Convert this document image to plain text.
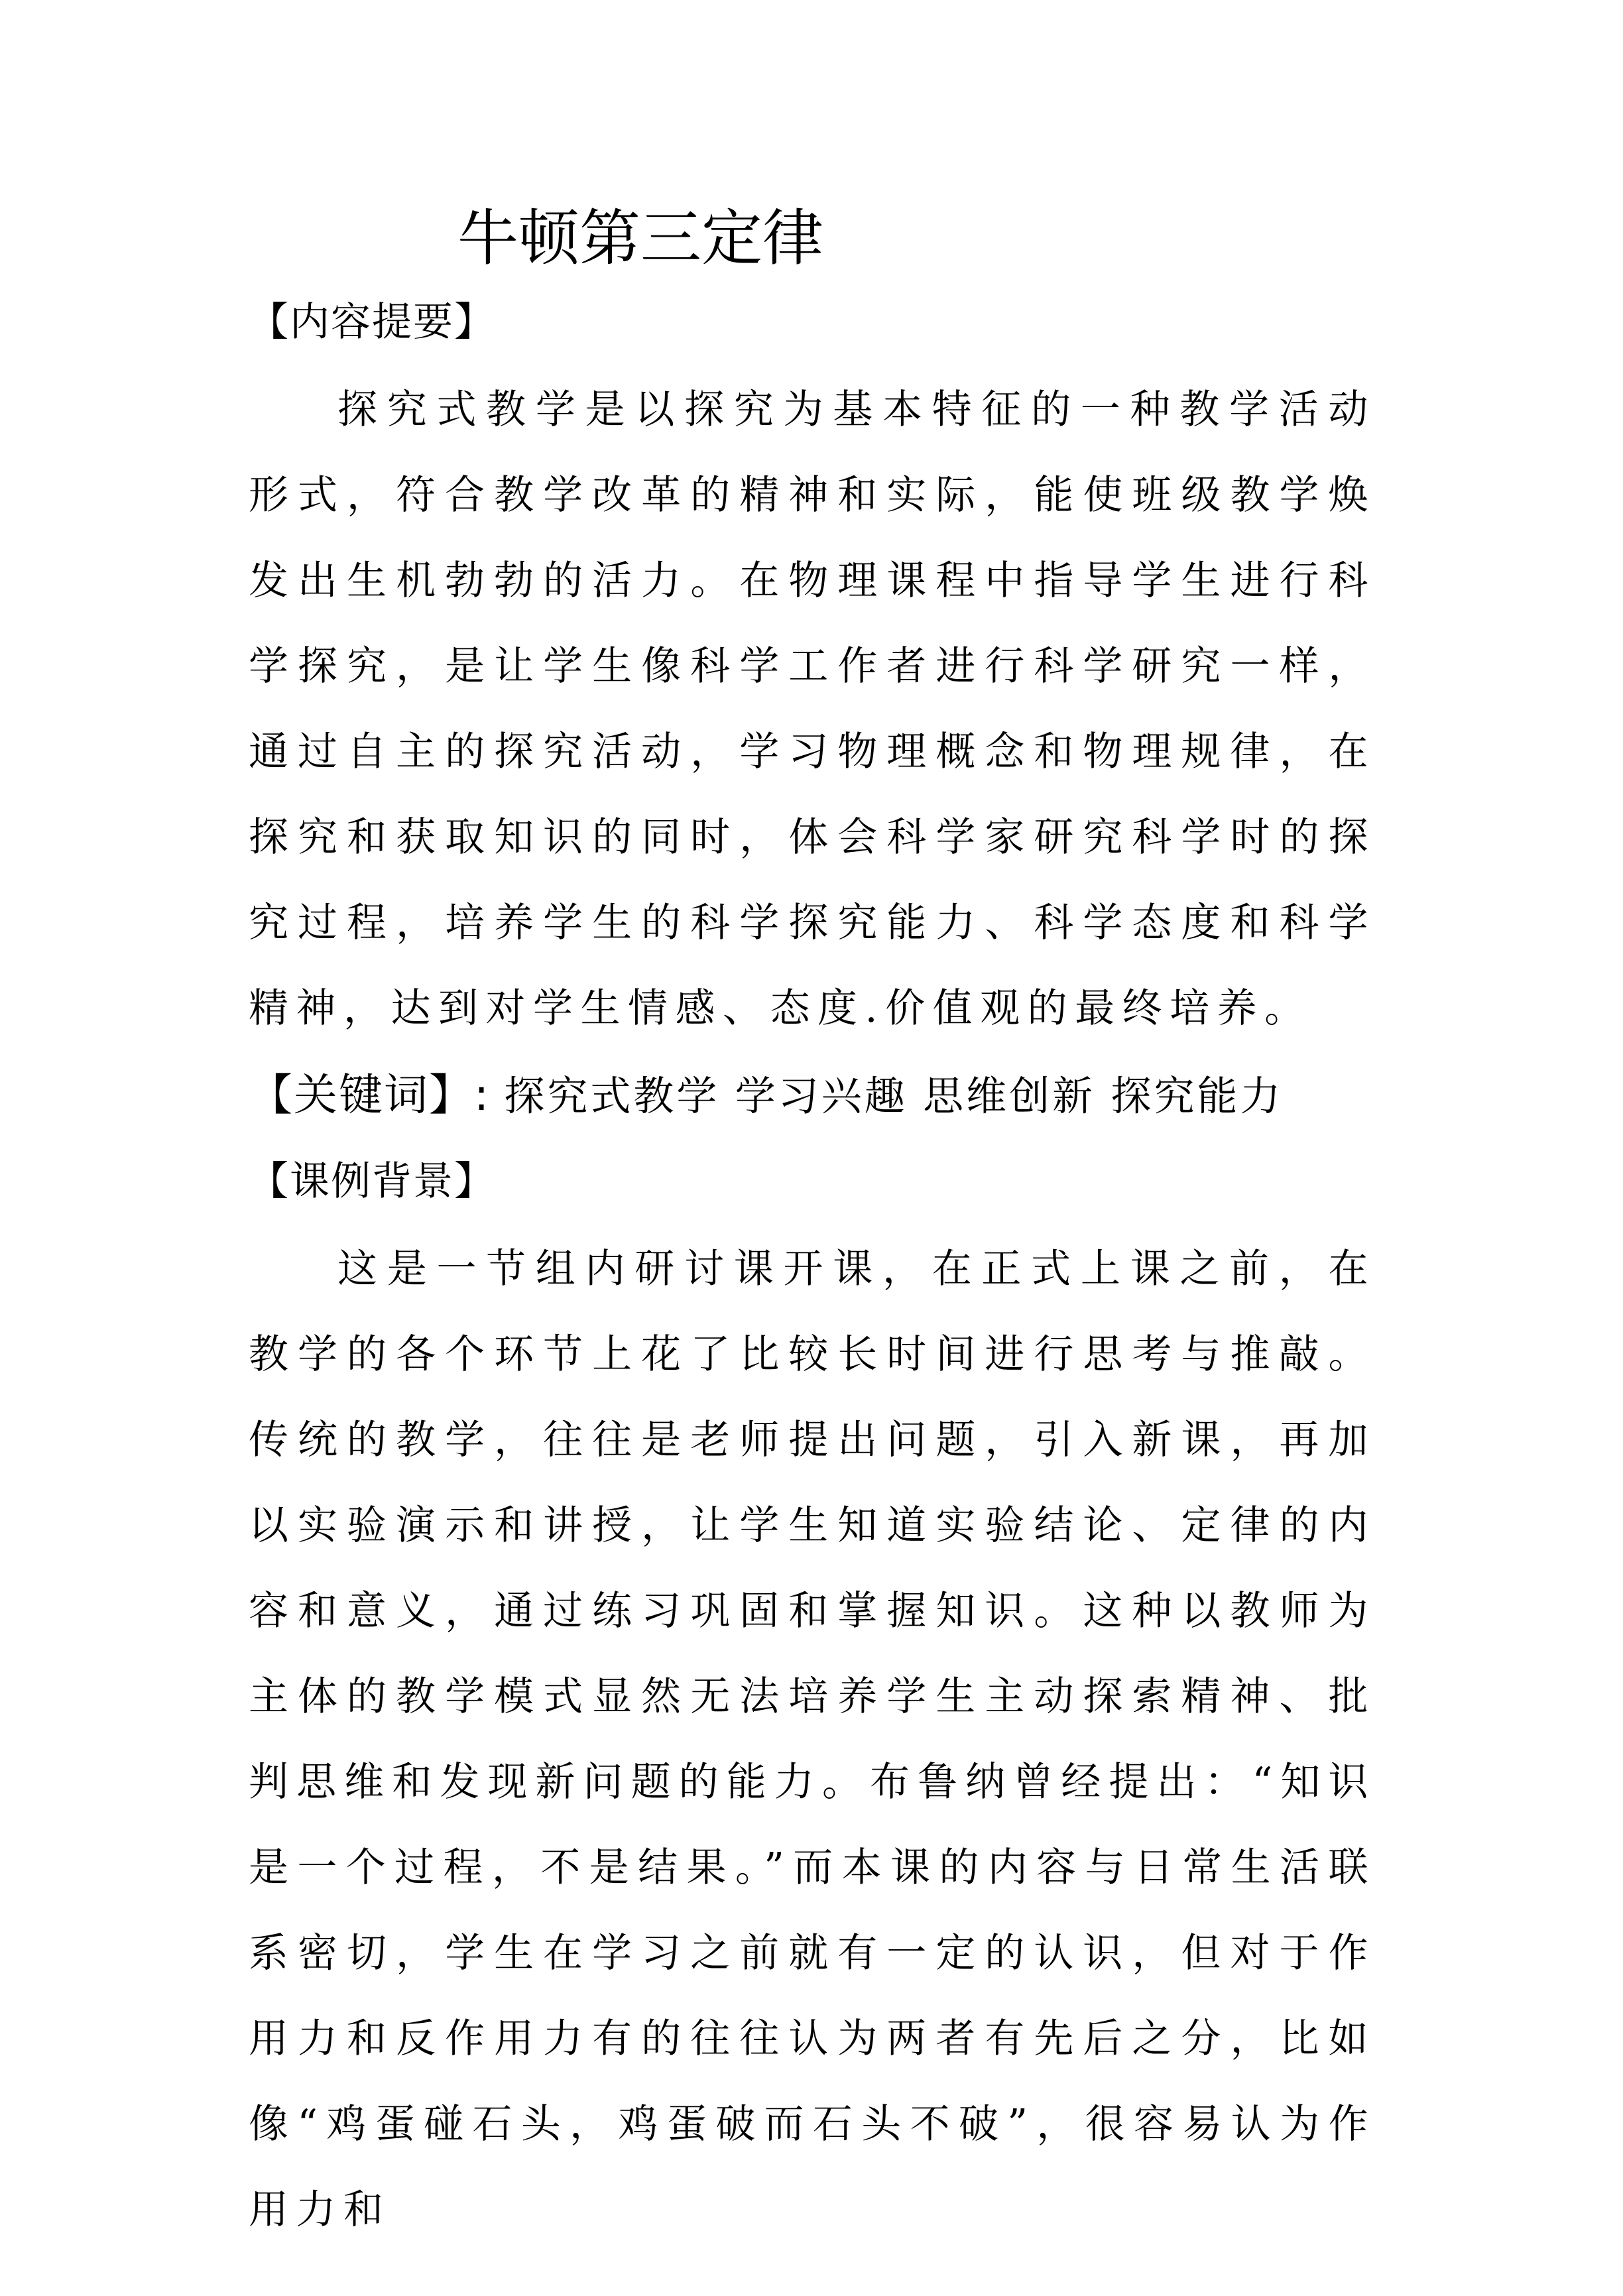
牛顿第三定律
【内容提要】

探究式教学是以探究为基本特征的一种教学活动形式，符合教学改革的精神和实际，能使班级教学焕发出生机勃勃的活力。在物理课程中指导学生进行科学探究，是让学生像科学工作者进行科学研究一样，通过自主的探究活动，学习物理概念和物理规律，在探究和获取知识的同时，体会科学家研究科学时的探究过程，培养学生的科学探究能力、科学态度和科学精神，达到对学生情感、态度.价值观的最终培养。

【关键词】: 探究式教学 学习兴趣 思维创新 探究能力
【课例背景】

这是一节组内研讨课开课，在正式上课之前，在教学的各个环节上花了比较长时间进行思考与推敲。传统的教学，往往是老师提出问题，引入新课，再加以实验演示和讲授，让学生知道实验结论、定律的内容和意义，通过练习巩固和掌握知识。这种以教师为主体的教学模式显然无法培养学生主动探索精神、批判思维和发现新问题的能力。布鲁纳曾经提出：“知识是一个过程，不是结果。”而本课的内容与日常生活联系密切，学生在学习之前就有一定的认识，但对于作用力和反作用力有的往往认为两者有先后之分，比如像“鸡蛋碰石头，鸡蛋破而石头不破”，很容易认为作用力和
